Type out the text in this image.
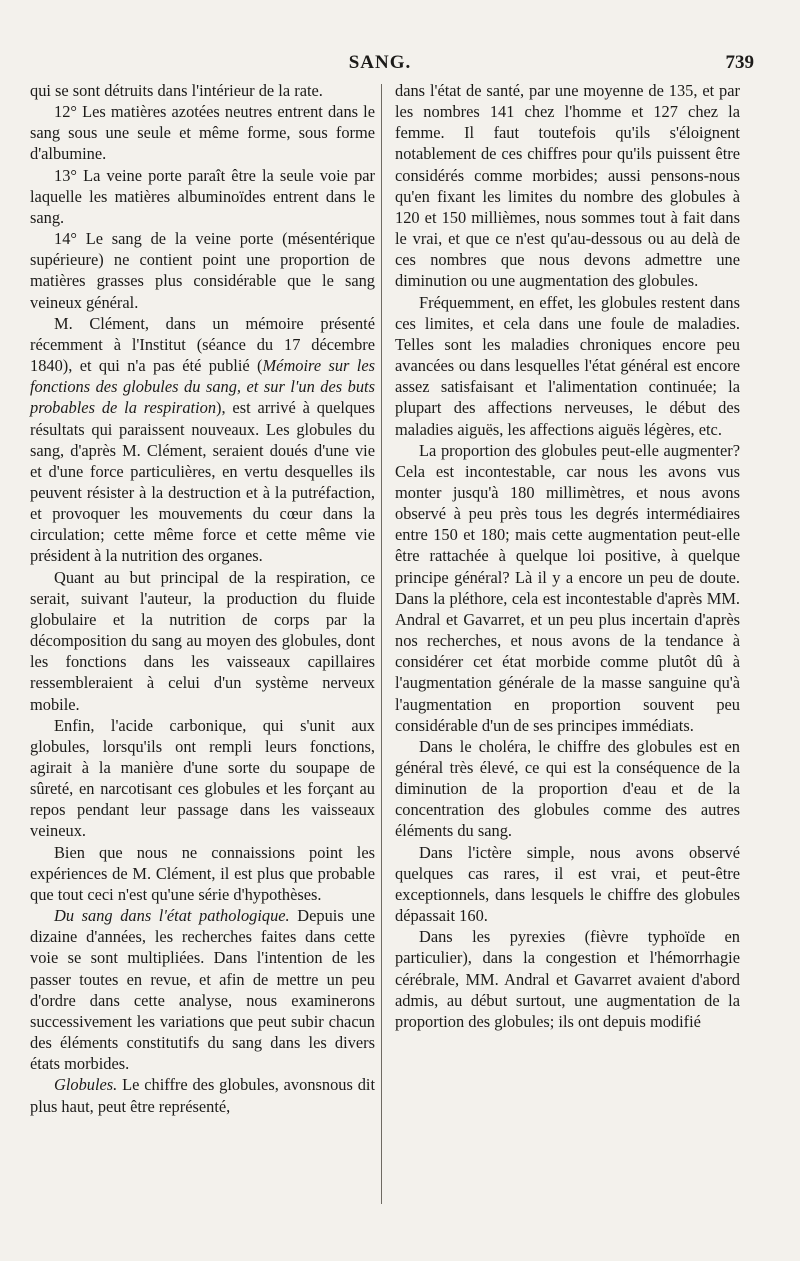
SANG.	739

qui se sont détruits dans l'intérieur de la rate.

12° Les matières azotées neutres entrent dans le sang sous une seule et même forme, sous forme d'albumine.

13° La veine porte paraît être la seule voie par laquelle les matières albuminoïdes entrent dans le sang.

14° Le sang de la veine porte (mésentérique supérieure) ne contient point une proportion de matières grasses plus considérable que le sang veineux général.

M. Clément, dans un mémoire présenté récemment à l'Institut (séance du 17 décembre 1840), et qui n'a pas été publié (Mémoire sur les fonctions des globules du sang, et sur l'un des buts probables de la respiration), est arrivé à quelques résultats qui paraissent nouveaux. Les globules du sang, d'après M. Clément, seraient doués d'une vie et d'une force particulières, en vertu desquelles ils peuvent résister à la destruction et à la putréfaction, et provoquer les mouvements du cœur dans la circulation; cette même force et cette même vie président à la nutrition des organes.

Quant au but principal de la respiration, ce serait, suivant l'auteur, la production du fluide globulaire et la nutrition de corps par la décomposition du sang au moyen des globules, dont les fonctions dans les vaisseaux capillaires ressembleraient à celui d'un système nerveux mobile.

Enfin, l'acide carbonique, qui s'unit aux globules, lorsqu'ils ont rempli leurs fonctions, agirait à la manière d'une sorte du soupape de sûreté, en narcotisant ces globules et les forçant au repos pendant leur passage dans les vaisseaux veineux.

Bien que nous ne connaissions point les expériences de M. Clément, il est plus que probable que tout ceci n'est qu'une série d'hypothèses.

Du sang dans l'état pathologique. Depuis une dizaine d'années, les recherches faites dans cette voie se sont multipliées. Dans l'intention de les passer toutes en revue, et afin de mettre un peu d'ordre dans cette analyse, nous examinerons successivement les variations que peut subir chacun des éléments constitutifs du sang dans les divers états morbides.

Globules. Le chiffre des globules, avonsnous dit plus haut, peut être représenté,

dans l'état de santé, par une moyenne de 135, et par les nombres 141 chez l'homme et 127 chez la femme. Il faut toutefois qu'ils s'éloignent notablement de ces chiffres pour qu'ils puissent être considérés comme morbides; aussi pensons-nous qu'en fixant les limites du nombre des globules à 120 et 150 millièmes, nous sommes tout à fait dans le vrai, et que ce n'est qu'au-dessous ou au delà de ces nombres que nous devons admettre une diminution ou une augmentation des globules.

Fréquemment, en effet, les globules restent dans ces limites, et cela dans une foule de maladies. Telles sont les maladies chroniques encore peu avancées ou dans lesquelles l'état général est encore assez satisfaisant et l'alimentation continuée; la plupart des affections nerveuses, le début des maladies aiguës, les affections aiguës légères, etc.

La proportion des globules peut-elle augmenter? Cela est incontestable, car nous les avons vus monter jusqu'à 180 millimètres, et nous avons observé à peu près tous les degrés intermédiaires entre 150 et 180; mais cette augmentation peut-elle être rattachée à quelque loi positive, à quelque principe général? Là il y a encore un peu de doute. Dans la pléthore, cela est incontestable d'après MM. Andral et Gavarret, et un peu plus incertain d'après nos recherches, et nous avons de la tendance à considérer cet état morbide comme plutôt dû à l'augmentation générale de la masse sanguine qu'à l'augmentation en proportion souvent peu considérable d'un de ses principes immédiats.

Dans le choléra, le chiffre des globules est en général très élevé, ce qui est la conséquence de la diminution de la proportion d'eau et de la concentration des globules comme des autres éléments du sang.

Dans l'ictère simple, nous avons observé quelques cas rares, il est vrai, et peut-être exceptionnels, dans lesquels le chiffre des globules dépassait 160.

Dans les pyrexies (fièvre typhoïde en particulier), dans la congestion et l'hémorrhagie cérébrale, MM. Andral et Gavarret avaient d'abord admis, au début surtout, une augmentation de la proportion des globules; ils ont depuis modifié
